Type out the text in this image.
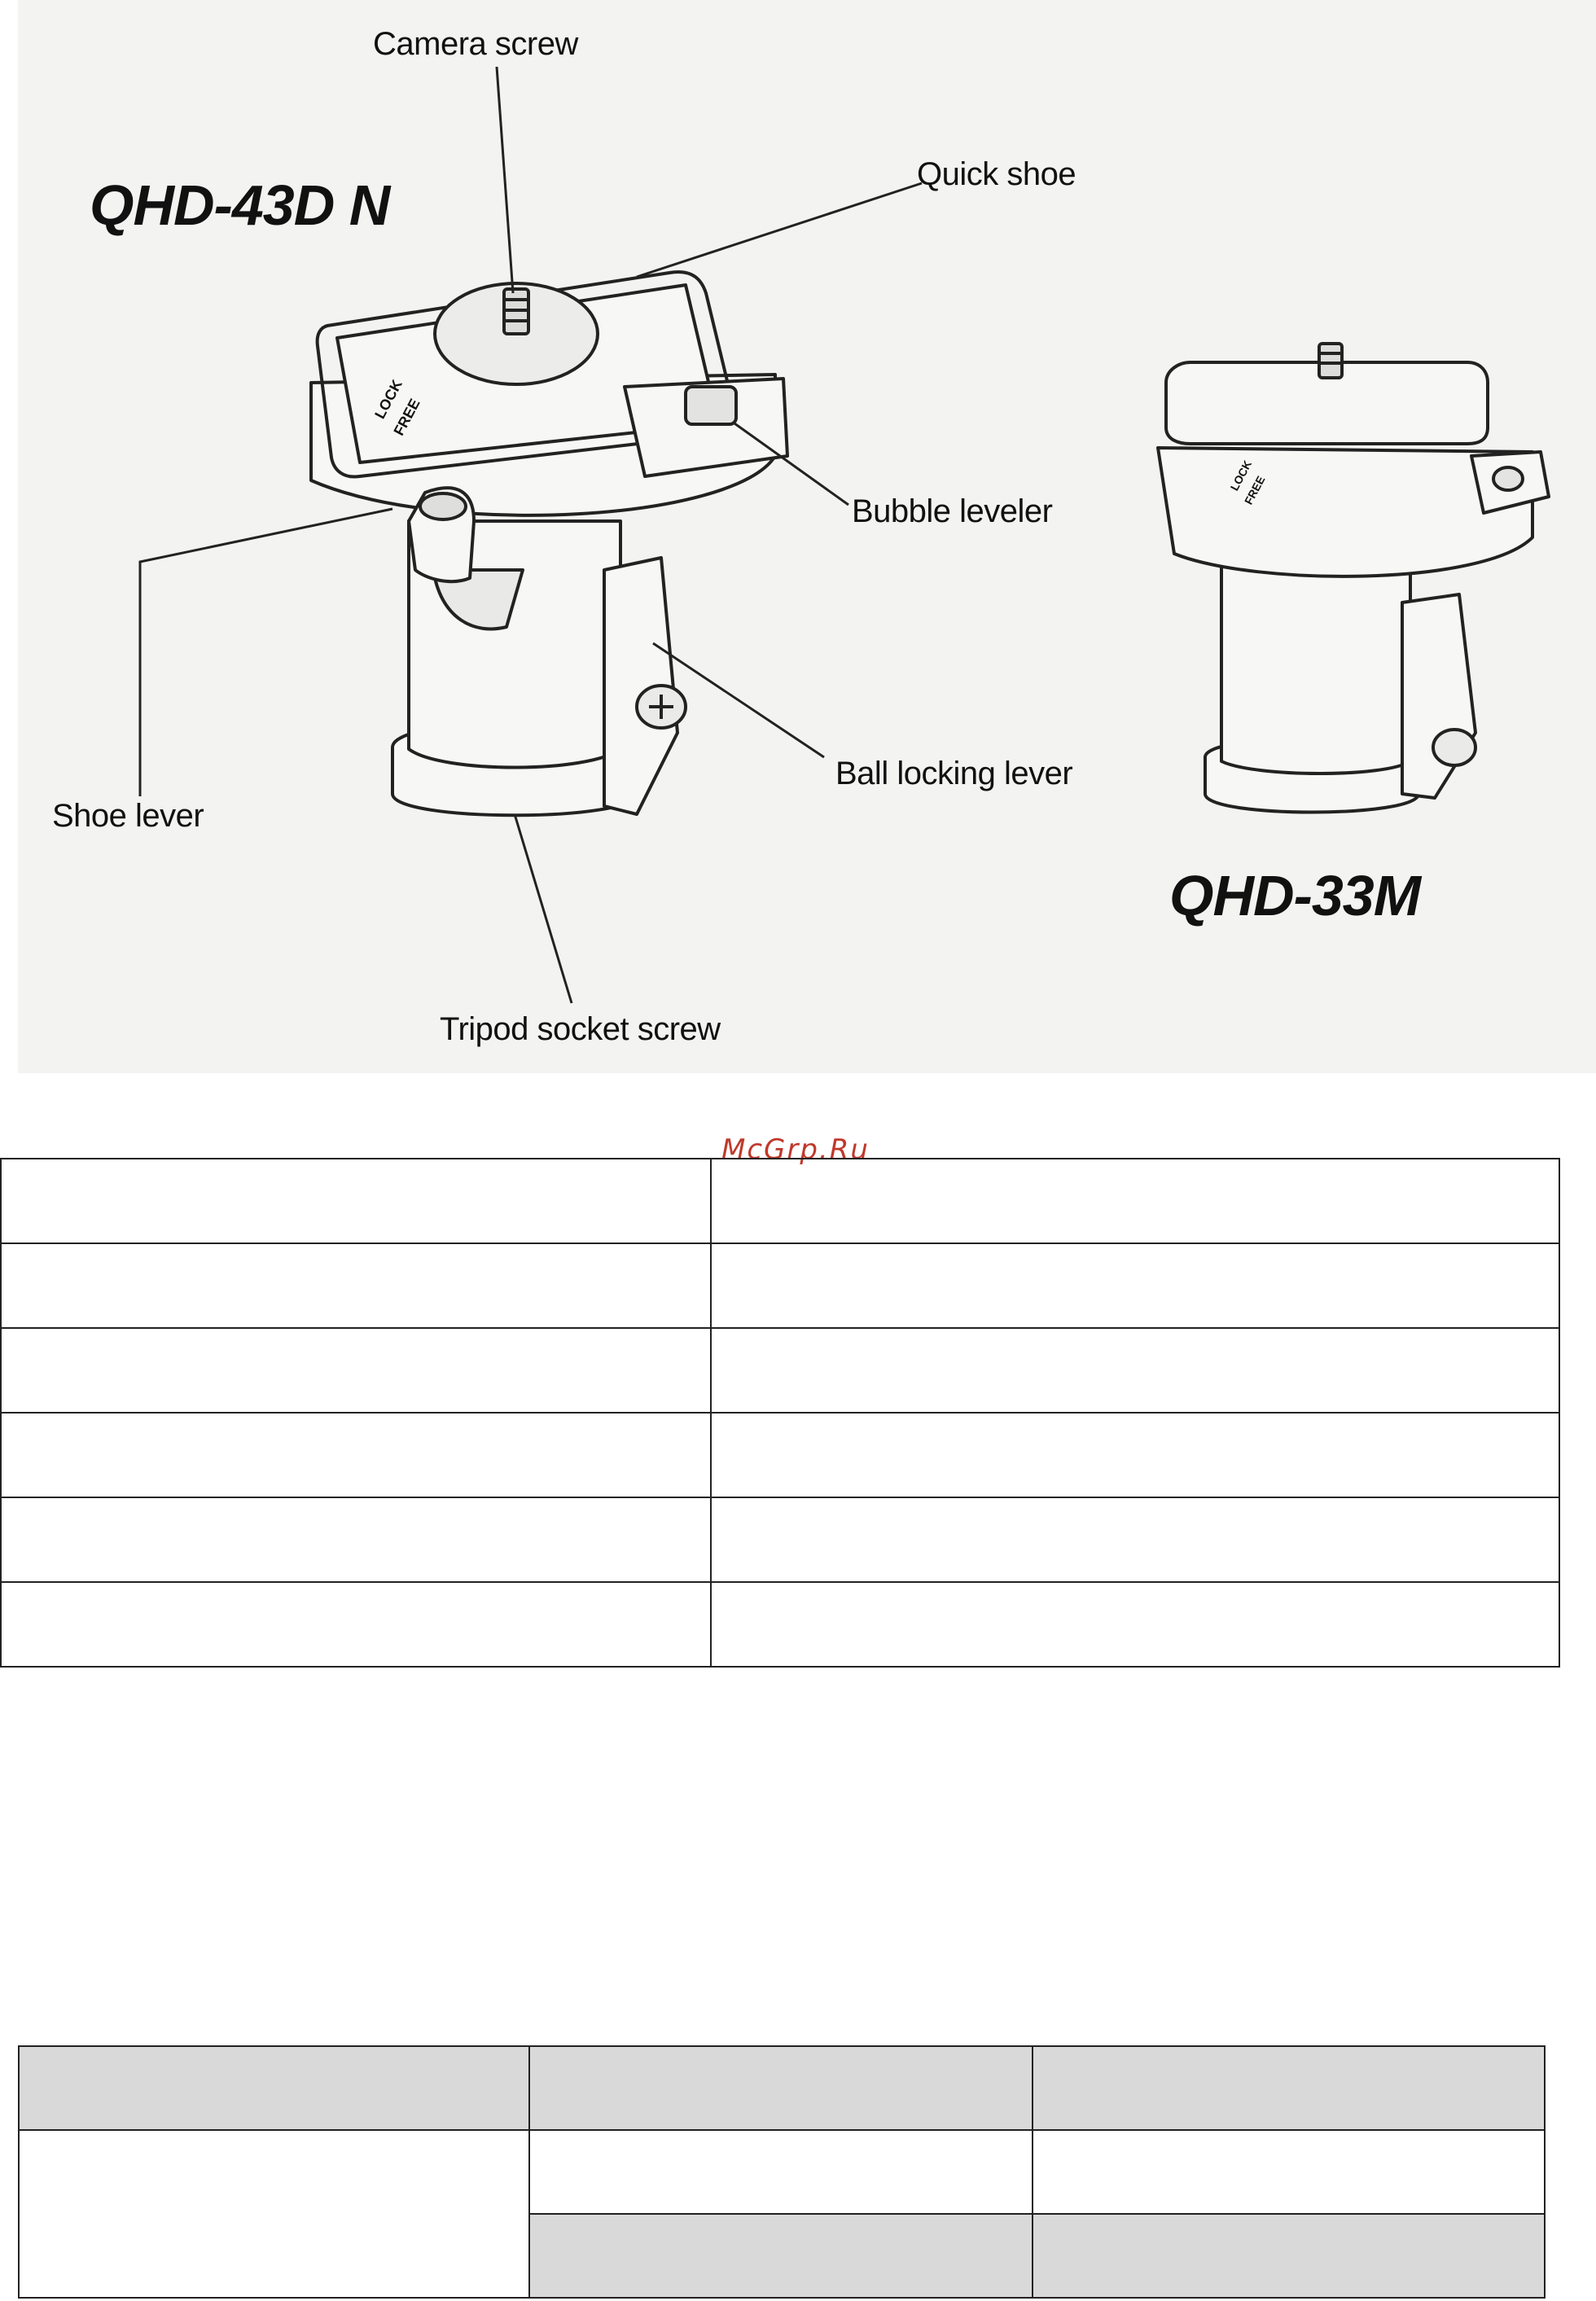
Camera screw
Quick shoe
Bubble leveler
Shoe lever
Ball locking lever
Tripod socket screw
QHD-43D N
QHD-33M
LOCK
FREE
LOCK
FREE
McGrp.Ru
